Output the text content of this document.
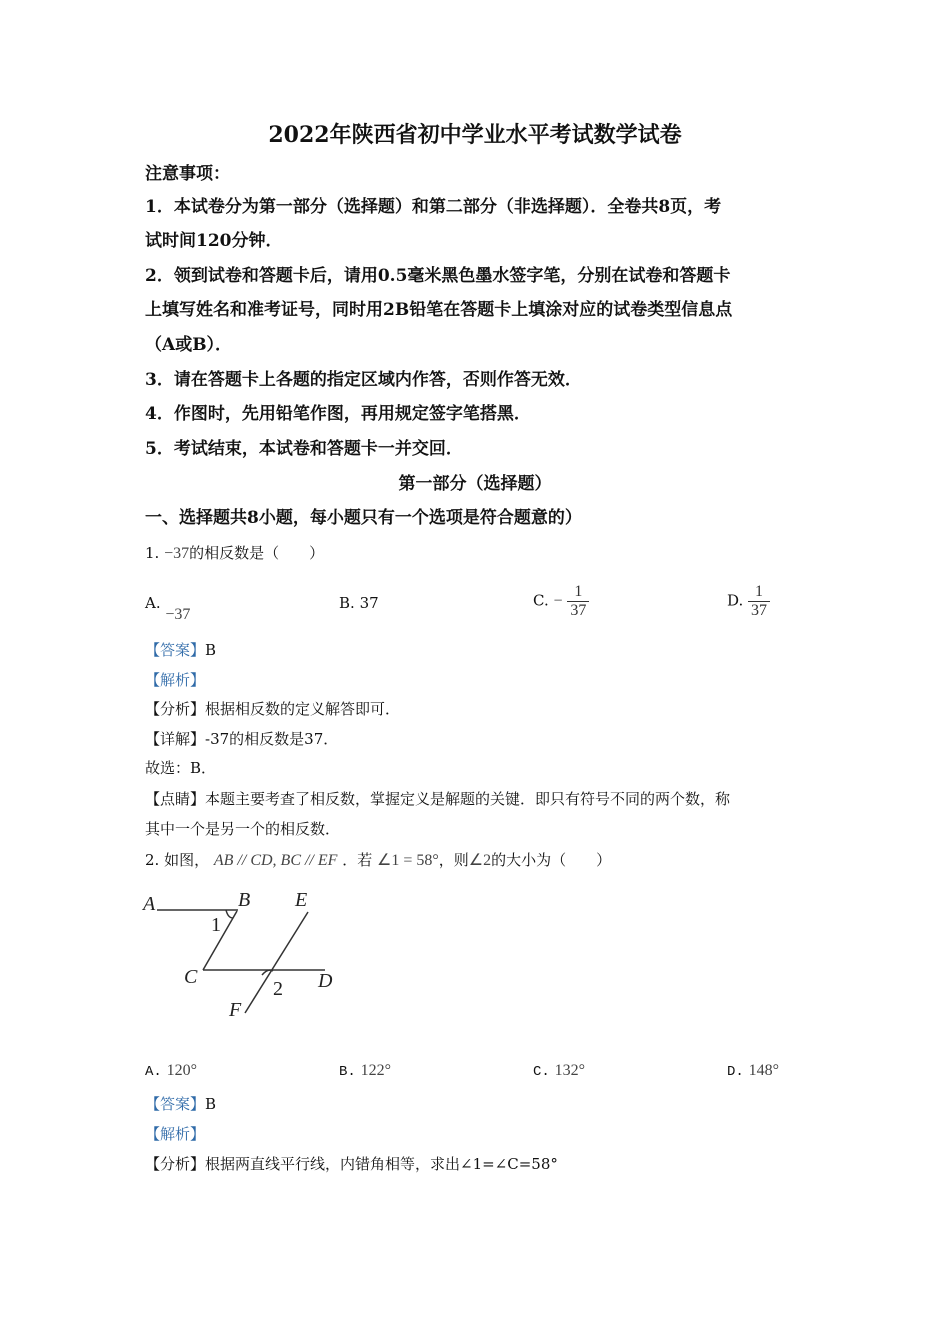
2022年陕西省初中学业水平考试数学试卷
注意事项：
1．本试卷分为第一部分（选择题）和第二部分（非选择题）．全卷共8页，考
试时间120分钟．
2．领到试卷和答题卡后，请用0.5毫米黑色墨水签字笔，分别在试卷和答题卡
上填写姓名和准考证号，同时用2B铅笔在答题卡上填涂对应的试卷类型信息点
（A或B）．
3．请在答题卡上各题的指定区域内作答，否则作答无效．
4．作图时，先用铅笔作图，再用规定签字笔搭黑．
5．考试结束，本试卷和答题卡一并交回．
第一部分（选择题）
一、选择题共8小题，每小题只有一个选项是符合题意的）
1. −37的相反数是（　　）
A. −37
B. 37	C. − $\frac{1}{37}$	D. $\frac{1}{37}$
【答案】B
【解析】
【分析】根据相反数的定义解答即可．
【详解】-37的相反数是37．
故选：B．
【点睛】本题主要考查了相反数，掌握定义是解题的关键．即只有符号不同的两个数，称
其中一个是另一个的相反数．
2. 如图， AB // CD, BC // EF ．若 ∠1 = 58°，则∠2的大小为（　　）
A	B E
1
C	D
2
F
A. 120°	B. 122°	C. 132°	D. 148°
【答案】B
【解析】
【分析】根据两直线平行线，内错角相等，求出∠1=∠C=58°
